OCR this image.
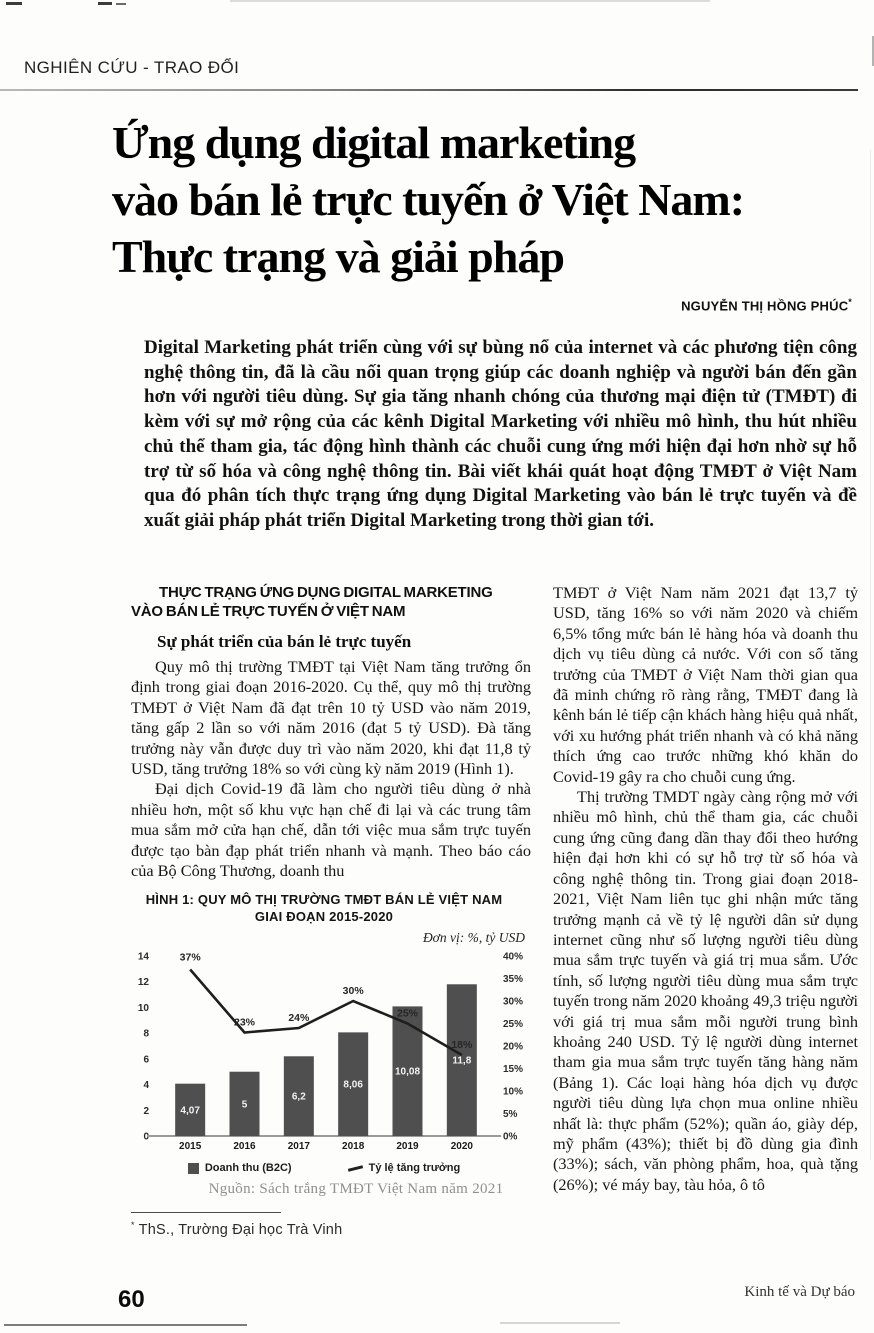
NGHIÊN CỨU - TRAO ĐỔI
Ứng dụng digital marketing
vào bán lẻ trực tuyến ở Việt Nam:
Thực trạng và giải pháp
NGUYỄN THỊ HỒNG PHÚC*

Digital Marketing phát triển cùng với sự bùng nổ của internet và các phương tiện công nghệ thông tin, đã là cầu nối quan trọng giúp các doanh nghiệp và người bán đến gần hơn với người tiêu dùng. Sự gia tăng nhanh chóng của thương mại điện tử (TMĐT) đi kèm với sự mở rộng của các kênh Digital Marketing với nhiều mô hình, thu hút nhiều chủ thể tham gia, tác động hình thành các chuỗi cung ứng mới hiện đại hơn nhờ sự hỗ trợ từ số hóa và công nghệ thông tin. Bài viết khái quát hoạt động TMĐT ở Việt Nam qua đó phân tích thực trạng ứng dụng Digital Marketing vào bán lẻ trực tuyến và đề xuất giải pháp phát triển Digital Marketing trong thời gian tới.

THỰC TRẠNG ỨNG DỤNG DIGITAL MARKETING
VÀO BÁN LẺ TRỰC TUYẾN Ở VIỆT NAM
Sự phát triển của bán lẻ trực tuyến

Quy mô thị trường TMĐT tại Việt Nam tăng trưởng ổn định trong giai đoạn 2016-2020. Cụ thể, quy mô thị trường TMĐT ở Việt Nam đã đạt trên 10 tỷ USD vào năm 2019, tăng gấp 2 lần so với năm 2016 (đạt 5 tỷ USD). Đà tăng trưởng này vẫn được duy trì vào năm 2020, khi đạt 11,8 tỷ USD, tăng trưởng 18% so với cùng kỳ năm 2019 (Hình 1).

Đại dịch Covid-19 đã làm cho người tiêu dùng ở nhà nhiều hơn, một số khu vực hạn chế đi lại và các trung tâm mua sắm mở cửa hạn chế, dẫn tới việc mua sắm trực tuyến được tạo bàn đạp phát triển nhanh và mạnh. Theo báo cáo của Bộ Công Thương, doanh thu

HÌNH 1: QUY MÔ THỊ TRƯỜNG TMĐT BÁN LẺ VIỆT NAM
GIAI ĐOẠN 2015-2020
Đơn vị: %, tỷ USD
0
2
4
6
8
10
12
14
0%
5%
10%
15%
20%
25%
30%
35%
40%
4,07
2015
5
2016
6,2
2017
8,06
2018
10,08
2019
11,8
2020
37%
23%	24%
30%
25%
18%
Doanh thu (B2C)	Tỷ lệ tăng trưởng
Nguồn: Sách trắng TMĐT Việt Nam năm 2021
* ThS., Trường Đại học Trà Vinh

TMĐT ở Việt Nam năm 2021 đạt 13,7 tỷ USD, tăng 16% so với năm 2020 và chiếm 6,5% tổng mức bán lẻ hàng hóa và doanh thu dịch vụ tiêu dùng cả nước. Với con số tăng trưởng của TMĐT ở Việt Nam thời gian qua đã minh chứng rõ ràng rằng, TMĐT đang là kênh bán lẻ tiếp cận khách hàng hiệu quả nhất, với xu hướng phát triển nhanh và có khả năng thích ứng cao trước những khó khăn do Covid-19 gây ra cho chuỗi cung ứng.

Thị trường TMDT ngày càng rộng mở với nhiều mô hình, chủ thể tham gia, các chuỗi cung ứng cũng đang dần thay đổi theo hướng hiện đại hơn khi có sự hỗ trợ từ số hóa và công nghệ thông tin. Trong giai đoạn 2018-2021, Việt Nam liên tục ghi nhận mức tăng trưởng mạnh cả về tỷ lệ người dân sử dụng internet cũng như số lượng người tiêu dùng mua sắm trực tuyến và giá trị mua sắm. Ước tính, số lượng người tiêu dùng mua sắm trực tuyến trong năm 2020 khoảng 49,3 triệu người với giá trị mua sắm mỗi người trung bình khoảng 240 USD. Tỷ lệ người dùng internet tham gia mua sắm trực tuyến tăng hàng năm (Bảng 1). Các loại hàng hóa dịch vụ được người tiêu dùng lựa chọn mua online nhiều nhất là: thực phẩm (52%); quần áo, giày dép, mỹ phẩm (43%); thiết bị đồ dùng gia đình (33%); sách, văn phòng phẩm, hoa, quà tặng (26%); vé máy bay, tàu hỏa, ô tô

60	Kinh tế và Dự báo
